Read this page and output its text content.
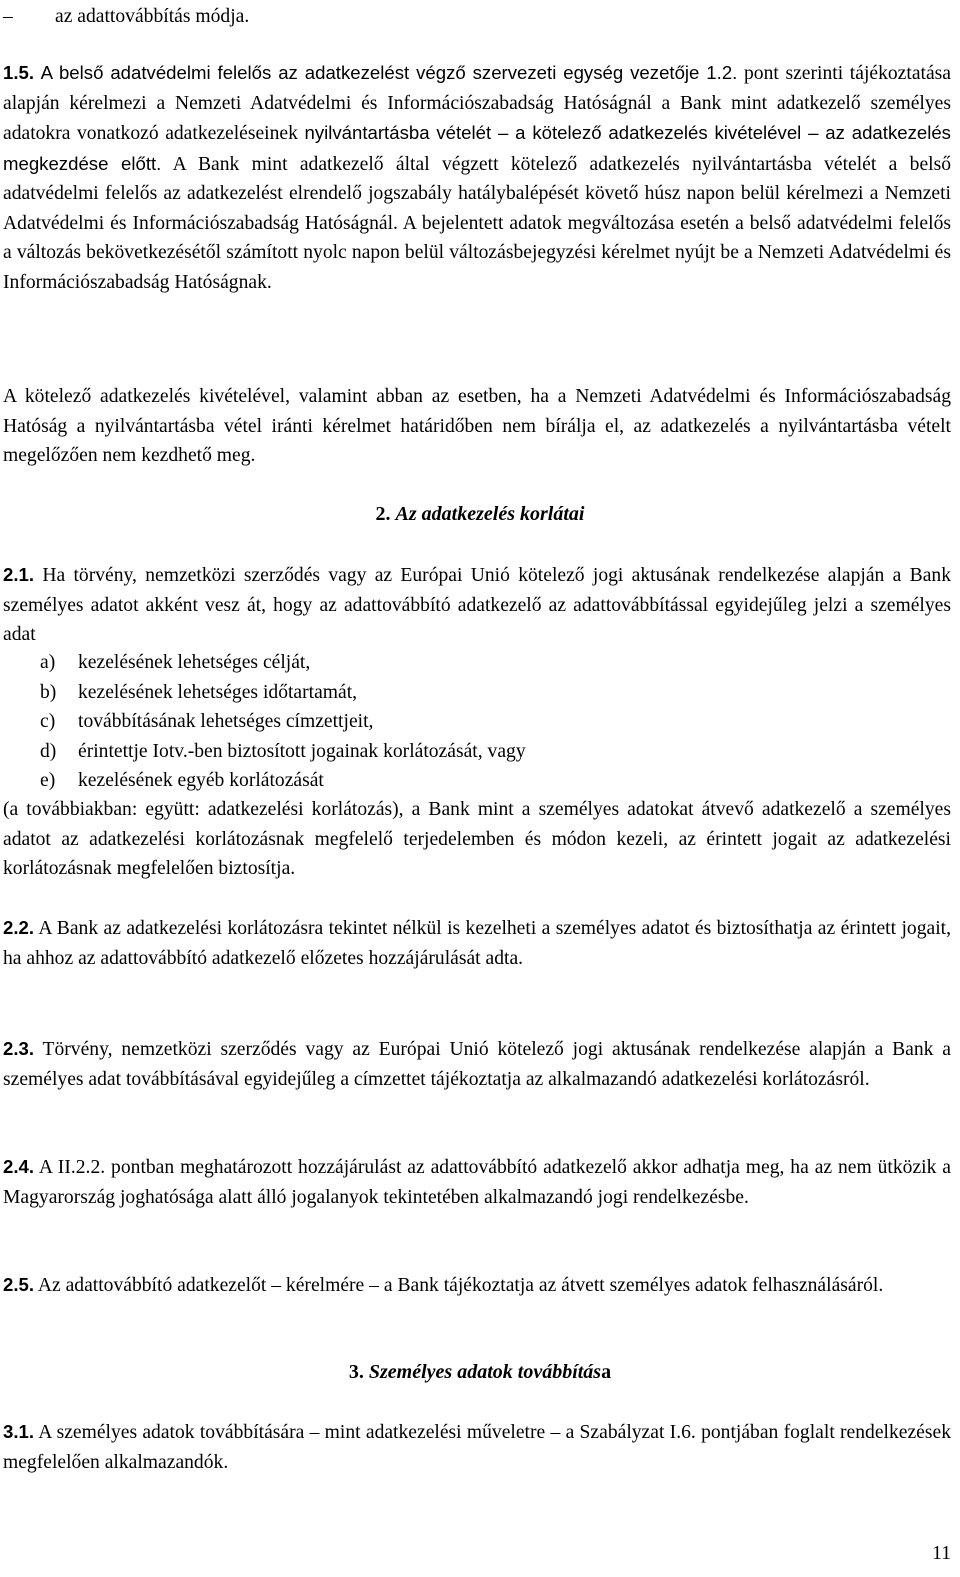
– az adattovábbítás módja.
1.5. A belső adatvédelmi felelős az adatkezelést végző szervezeti egység vezetője 1.2. pont szerinti tájékoztatása alapján kérelmezi a Nemzeti Adatvédelmi és Információszabadság Hatóságnál a Bank mint adatkezelő személyes adatokra vonatkozó adatkezeléseinek nyilvántartásba vételét – a kötelező adatkezelés kivételével – az adatkezelés megkezdése előtt. A Bank mint adatkezelő által végzett kötelező adatkezelés nyilvántartásba vételét a belső adatvédelmi felelős az adatkezelést elrendelő jogszabály hatálybalépését követő húsz napon belül kérelmezi a Nemzeti Adatvédelmi és Információszabadság Hatóságnál. A bejelentett adatok megváltozása esetén a belső adatvédelmi felelős a változás bekövetkezésétől számított nyolc napon belül változásbejegyzési kérelmet nyújt be a Nemzeti Adatvédelmi és Információszabadság Hatóságnak.
A kötelező adatkezelés kivételével, valamint abban az esetben, ha a Nemzeti Adatvédelmi és Információszabadság Hatóság a nyilvántartásba vétel iránti kérelmet határidőben nem bírálja el, az adatkezelés a nyilvántartásba vételt megelőzően nem kezdhető meg.
2. Az adatkezelés korlátai
2.1. Ha törvény, nemzetközi szerződés vagy az Európai Unió kötelező jogi aktusának rendelkezése alapján a Bank személyes adatot akként vesz át, hogy az adattovábbító adatkezelő az adattovábbítással egyidejűleg jelzi a személyes adat
a) kezelésének lehetséges célját,
b) kezelésének lehetséges időtartamát,
c) továbbításának lehetséges címzettjeit,
d) érintettje Iotv.-ben biztosított jogainak korlátozását, vagy
e) kezelésének egyéb korlátozását
(a továbbiakban: együtt: adatkezelési korlátozás), a Bank mint a személyes adatokat átvevő adatkezelő a személyes adatot az adatkezelési korlátozásnak megfelelő terjedelemben és módon kezeli, az érintett jogait az adatkezelési korlátozásnak megfelelően biztosítja.
2.2. A Bank az adatkezelési korlátozásra tekintet nélkül is kezelheti a személyes adatot és biztosíthatja az érintett jogait, ha ahhoz az adattovábbító adatkezelő előzetes hozzájárulását adta.
2.3. Törvény, nemzetközi szerződés vagy az Európai Unió kötelező jogi aktusának rendelkezése alapján a Bank a személyes adat továbbításával egyidejűleg a címzettet tájékoztatja az alkalmazandó adatkezelési korlátozásról.
2.4. A II.2.2. pontban meghatározott hozzájárulást az adattovábbító adatkezelő akkor adhatja meg, ha az nem ütközik a Magyarország joghatósága alatt álló jogalanyok tekintetében alkalmazandó jogi rendelkezésbe.
2.5. Az adattovábbító adatkezelőt – kérelmére – a Bank tájékoztatja az átvett személyes adatok felhasználásáról.
3. Személyes adatok továbbítása
3.1. A személyes adatok továbbítására – mint adatkezelési műveletre – a Szabályzat I.6. pontjában foglalt rendelkezések megfelelően alkalmazandók.
11
